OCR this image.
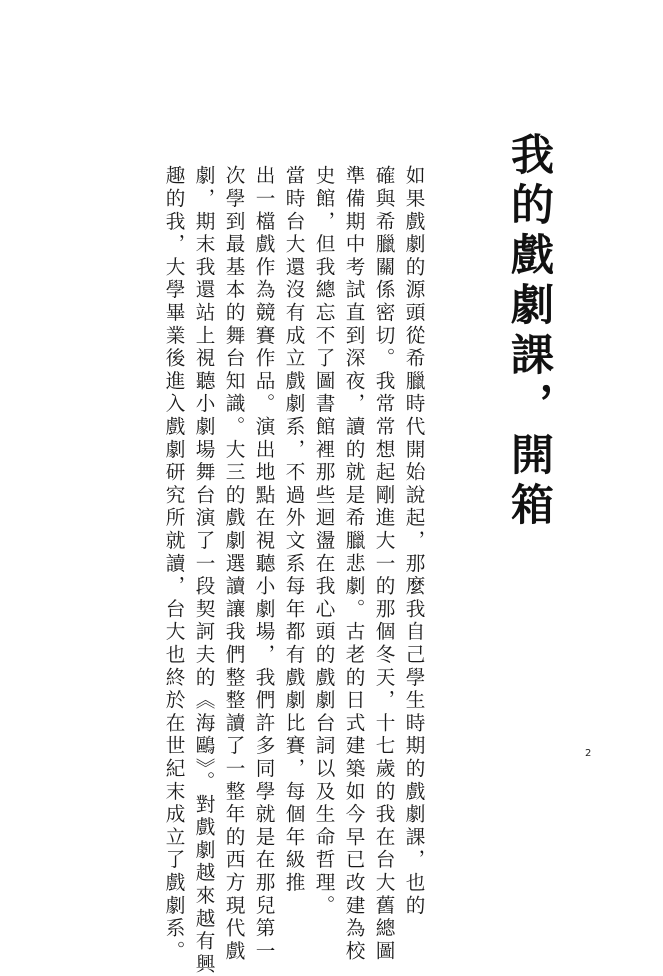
我的戲劇課，開箱
如果戲劇的源頭從希臘時代開始說起，那麼我自己學生時期的戲劇課，也的
確與希臘關係密切。我常常想起剛進大一的那個冬天，十七歲的我在台大舊總圖
準備期中考試直到深夜，讀的就是希臘悲劇。古老的日式建築如今早已改建為校
史館，但我總忘不了圖書館裡那些迴盪在我心頭的戲劇台詞以及生命哲理。
當時台大還沒有成立戲劇系，不過外文系每年都有戲劇比賽，每個年級推
出一檔戲作為競賽作品。演出地點在視聽小劇場，我們許多同學就是在那兒第一
次學到最基本的舞台知識。大三的戲劇選讀讓我們整整讀了一整年的西方現代戲
劇，期末我還站上視聽小劇場舞台演了一段契訶夫的《海鷗》。對戲劇越來越有興
趣的我，大學畢業後進入戲劇研究所就讀，台大也終於在世紀末成立了戲劇系。	2
